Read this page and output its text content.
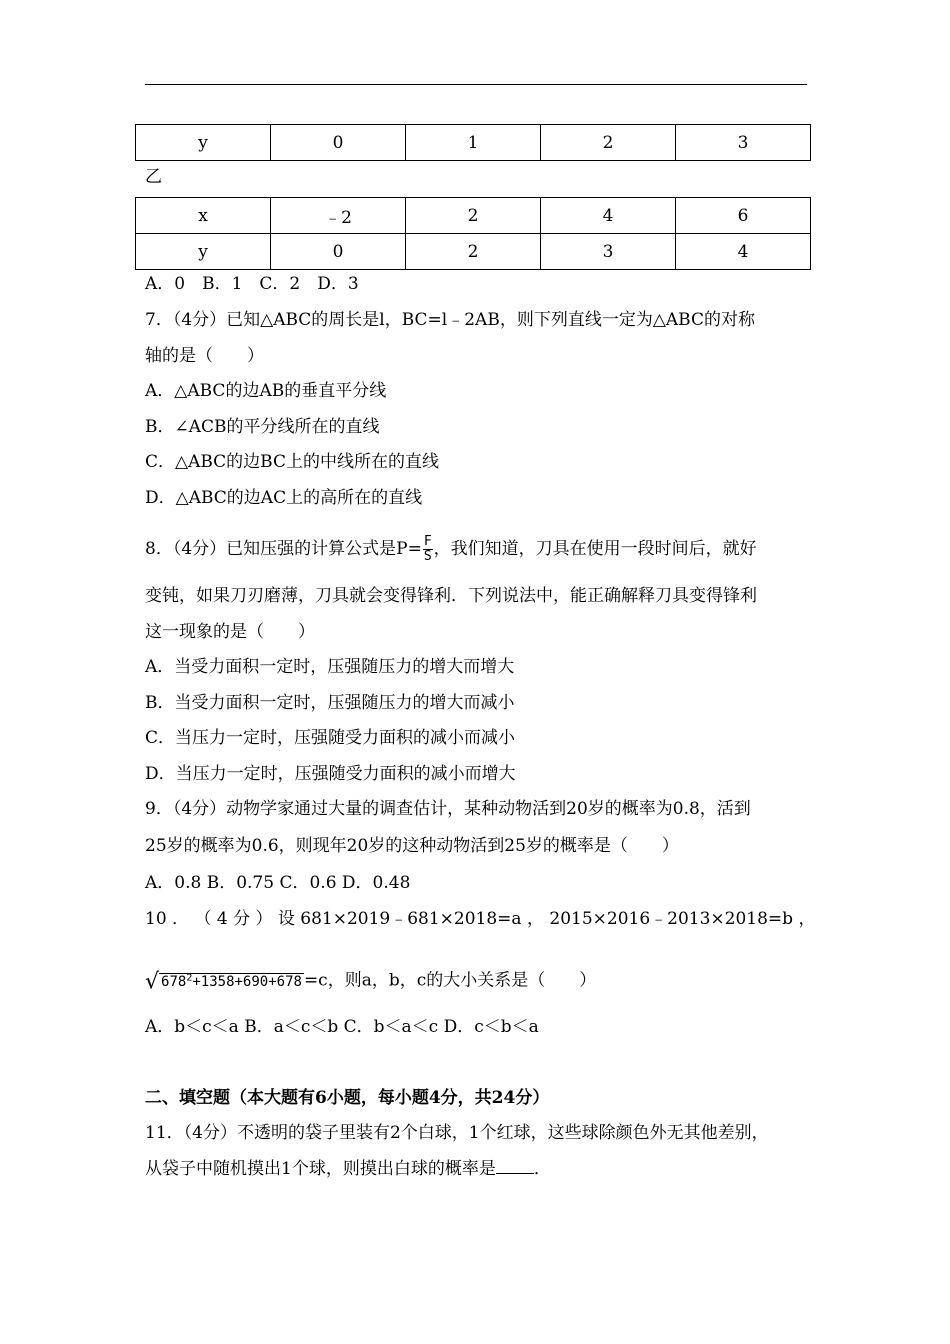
y	0	1	2	3
乙
x	﹣2	2	4	6
y	0	2	3	4
A．0　B．1　C．2　D．3
7．（4分）已知△ABC的周长是l，BC=l﹣2AB，则下列直线一定为△ABC的对称
轴的是（　　）
A．△ABC的边AB的垂直平分线
B．∠ACB的平分线所在的直线
C．△ABC的边BC上的中线所在的直线
D．△ABC的边AC上的高所在的直线
8．（4分）已知压强的计算公式是$P= \frac{F}{S}$ ，我们知道，刀具在使用一段时间后，就好
变钝，如果刀刃磨薄，刀具就会变得锋利．下列说法中，能正确解释刀具变得锋利
这一现象的是（　　）
A．当受力面积一定时，压强随压力的增大而增大
B．当受力面积一定时，压强随压力的增大而减小
C．当压力一定时，压强随受力面积的减小而减小
D．当压力一定时，压强随受力面积的减小而增大
9．（4分）动物学家通过大量的调查估计，某种动物活到20岁的概率为0.8，活到
25岁的概率为0.6，则现年20岁的这种动物活到25岁的概率是（　　）
A．0.8 B．0.75 C．0.6 D．0.48
10 ． （ 4 分 ） 设 681×2019﹣681×2018=a ， 2015×2016﹣2013×2018=b ，
√ $678^2+1358+690+678 =c$，则a，b，c的大小关系是（　　）
A．b＜c＜a B．a＜c＜b C．b＜a＜c D．c＜b＜a
二、填空题（本大题有6小题，每小题4分，共24分）
11．（4分）不透明的袋子里装有2个白球，1个红球，这些球除颜色外无其他差别，
从袋子中随机摸出1个球，则摸出白球的概率是 ．
